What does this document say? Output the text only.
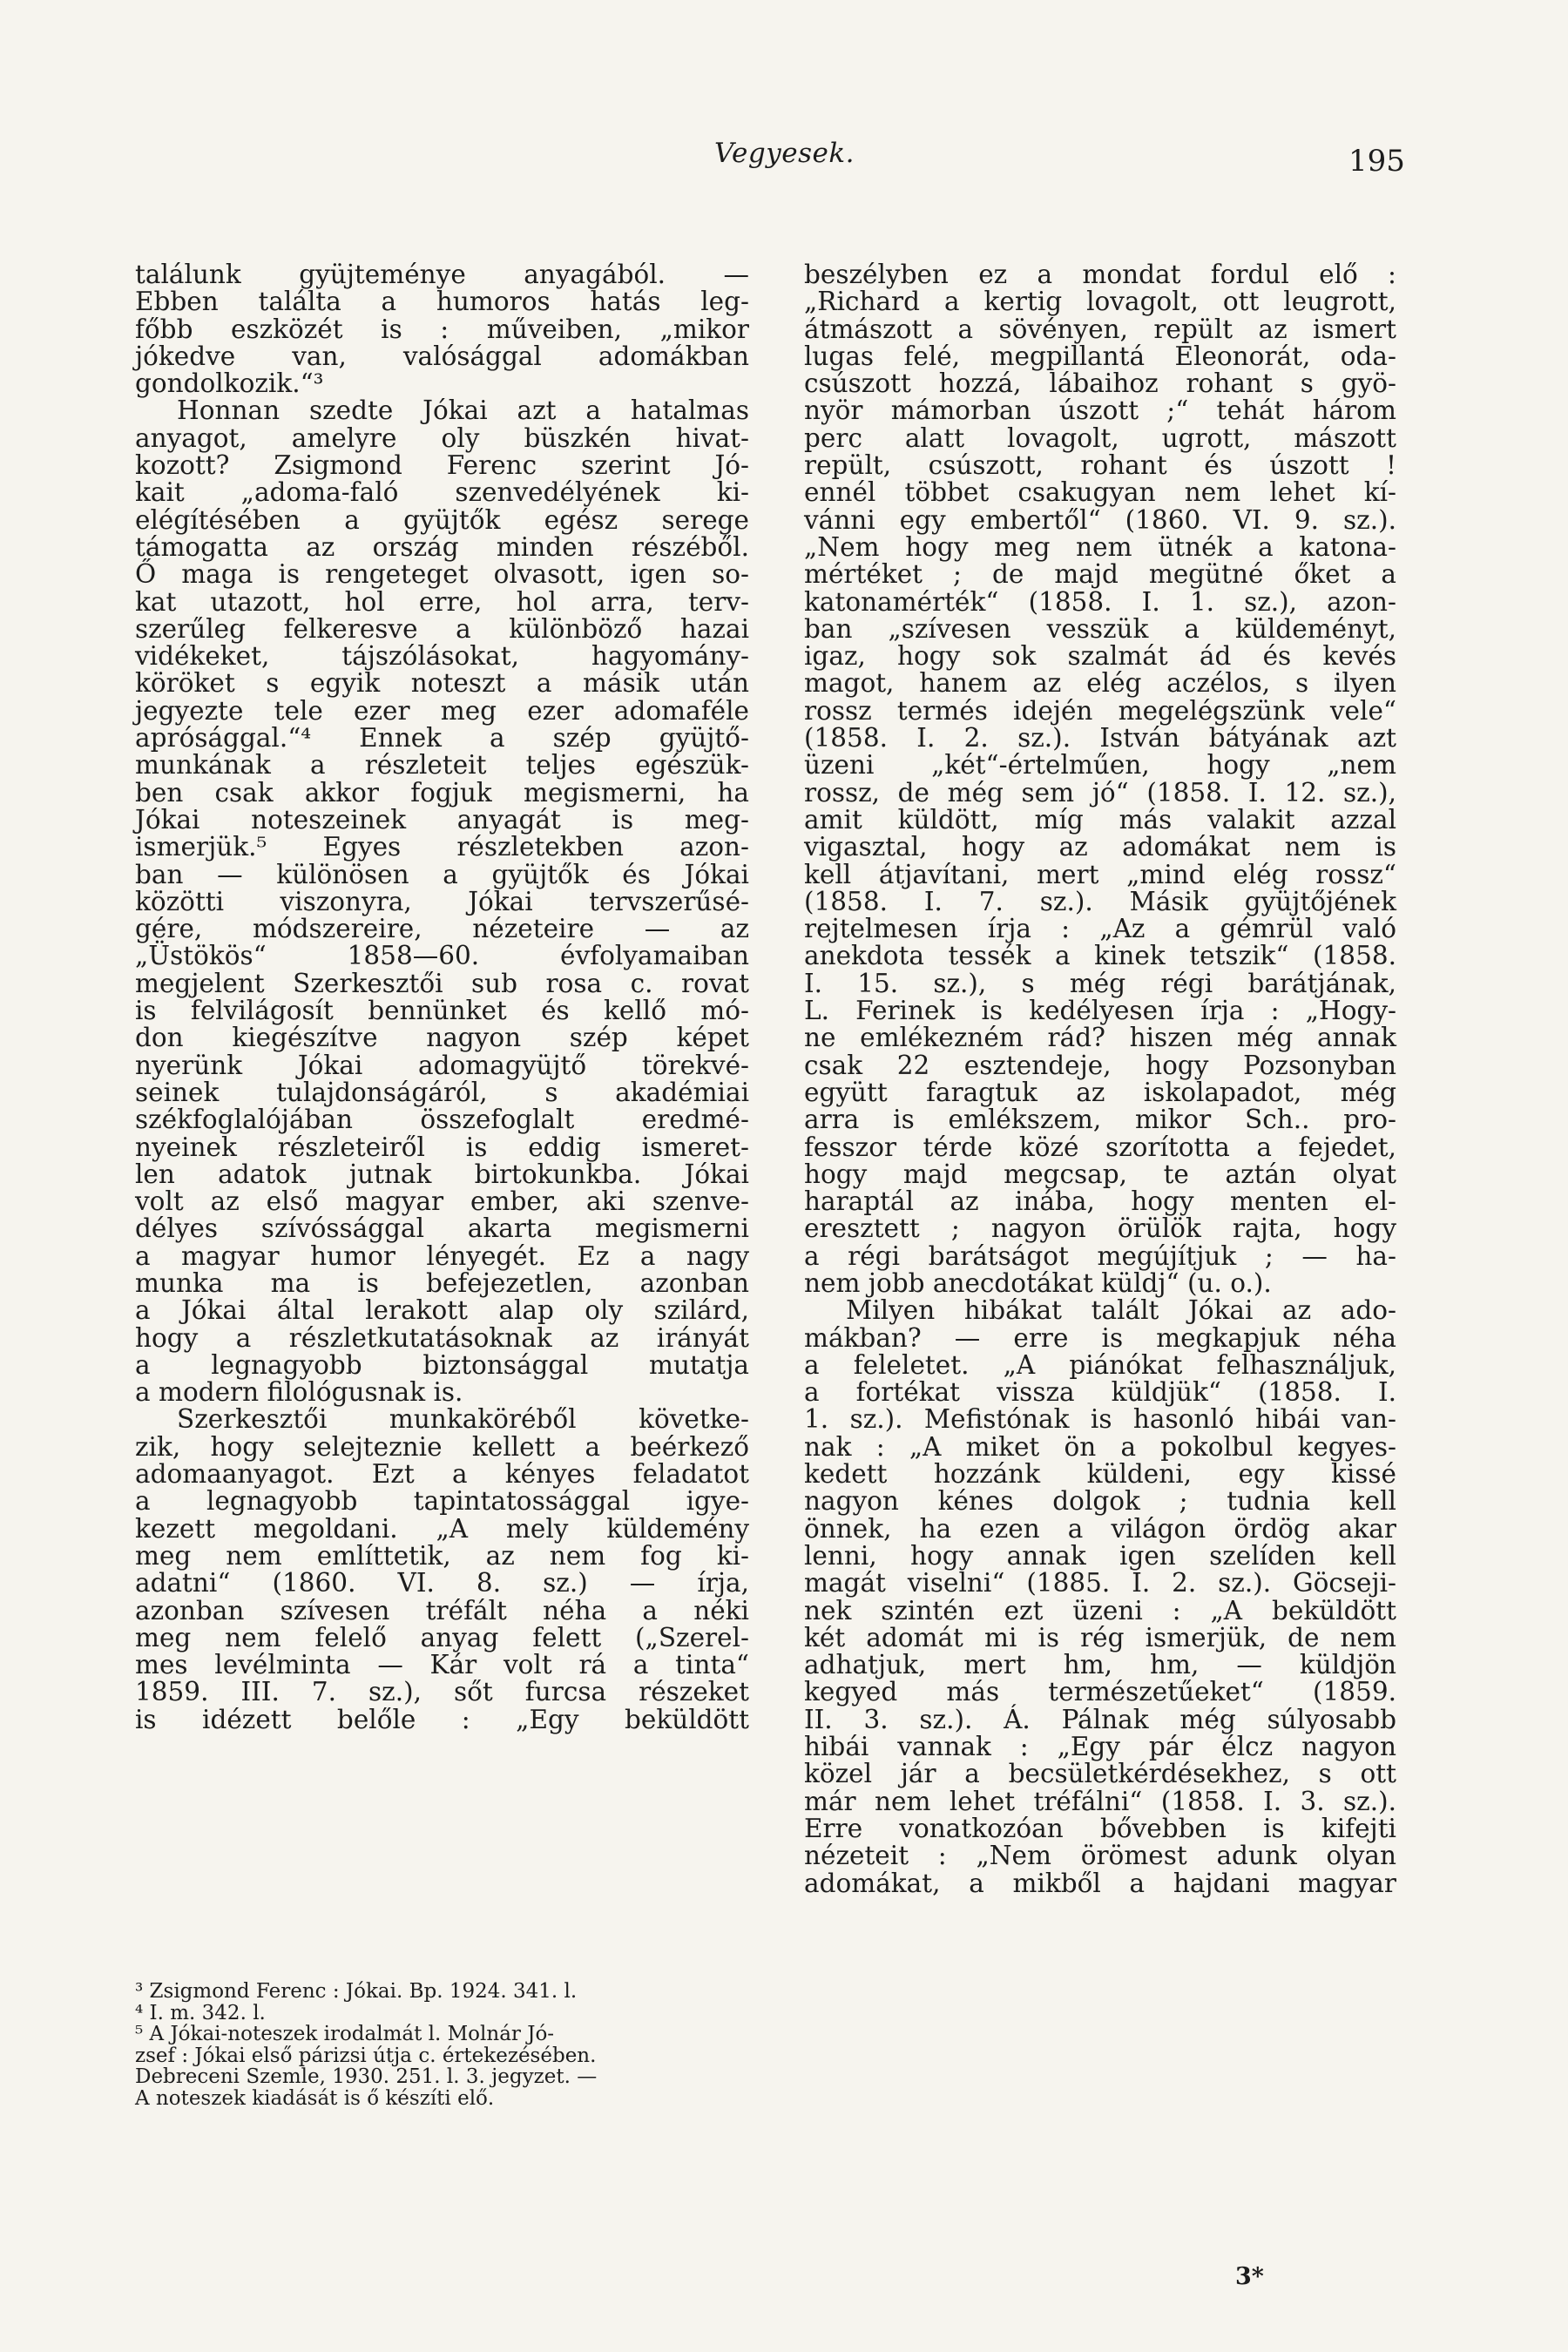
Vegyesek.	195
találunk gyüjteménye anyagából. —
Ebben találta a humoros hatás leg-
főbb eszközét is : műveiben, „mikor
jókedve van, valósággal adomákban
gondolkozik.“³
Honnan szedte Jókai azt a hatalmas
anyagot, amelyre oly büszkén hivat-
kozott? Zsigmond Ferenc szerint Jó-
kait „adoma-faló szenvedélyének ki-
elégítésében a gyüjtők egész serege
támogatta az ország minden részéből.
Ő maga is rengeteget olvasott, igen so-
kat utazott, hol erre, hol arra, terv-
szerűleg felkeresve a különböző hazai
vidékeket, tájszólásokat, hagyomány-
köröket s egyik noteszt a másik után
jegyezte tele ezer meg ezer adomaféle
aprósággal.“⁴ Ennek a szép gyüjtő-
munkának a részleteit teljes egészük-
ben csak akkor fogjuk megismerni, ha
Jókai noteszeinek anyagát is meg-
ismerjük.⁵ Egyes részletekben azon-
ban — különösen a gyüjtők és Jókai
közötti viszonyra, Jókai tervszerűsé-
gére, módszereire, nézeteire — az
„Üstökös“ 1858—60. évfolyamaiban
megjelent Szerkesztői sub rosa c. rovat
is felvilágosít bennünket és kellő mó-
don kiegészítve nagyon szép képet
nyerünk Jókai adomagyüjtő törekvé-
seinek tulajdonságáról, s akadémiai
székfoglalójában összefoglalt eredmé-
nyeinek részleteiről is eddig ismeret-
len adatok jutnak birtokunkba. Jókai
volt az első magyar ember, aki szenve-
délyes szívóssággal akarta megismerni
a magyar humor lényegét. Ez a nagy
munka ma is befejezetlen, azonban
a Jókai által lerakott alap oly szilárd,
hogy a részletkutatásoknak az irányát
a legnagyobb biztonsággal mutatja
a modern filológusnak is.
Szerkesztői munkaköréből követke-
zik, hogy selejteznie kellett a beérkező
adomaanyagot. Ezt a kényes feladatot
a legnagyobb tapintatossággal igye-
kezett megoldani. „A mely küldemény
meg nem említtetik, az nem fog ki-
adatni“ (1860. VI. 8. sz.) — írja,
azonban szívesen tréfált néha a néki
meg nem felelő anyag felett („Szerel-
mes levélminta — Kár volt rá a tinta“
1859. III. 7. sz.), sőt furcsa részeket
is idézett belőle : „Egy beküldött
³ Zsigmond Ferenc : Jókai. Bp. 1924. 341. l.
⁴ I. m. 342. l.
⁵ A Jókai-noteszek irodalmát l. Molnár Jó-
zsef : Jókai első párizsi útja c. értekezésében.
Debreceni Szemle, 1930. 251. l. 3. jegyzet. —
A noteszek kiadását is ő készíti elő.
beszélyben ez a mondat fordul elő :
„Richard a kertig lovagolt, ott leugrott,
átmászott a sövényen, repült az ismert
lugas felé, megpillantá Eleonorát, oda-
csúszott hozzá, lábaihoz rohant s gyö-
nyör mámorban úszott ;“ tehát három
perc alatt lovagolt, ugrott, mászott
repült, csúszott, rohant és úszott !
ennél többet csakugyan nem lehet kí-
vánni egy embertől“ (1860. VI. 9. sz.).
„Nem hogy meg nem ütnék a katona-
mértéket ; de majd megütné őket a
katonamérték“ (1858. I. 1. sz.), azon-
ban „szívesen vesszük a küldeményt,
igaz, hogy sok szalmát ád és kevés
magot, hanem az elég aczélos, s ilyen
rossz termés idején megelégszünk vele“
(1858. I. 2. sz.). István bátyának azt
üzeni „két“-értelműen, hogy „nem
rossz, de még sem jó“ (1858. I. 12. sz.),
amit küldött, míg más valakit azzal
vigasztal, hogy az adomákat nem is
kell átjavítani, mert „mind elég rossz“
(1858. I. 7. sz.). Másik gyüjtőjének
rejtelmesen írja : „Az a gémrül való
anekdota tessék a kinek tetszik“ (1858.
I. 15. sz.), s még régi barátjának,
L. Ferinek is kedélyesen írja : „Hogy-
ne emlékezném rád? hiszen még annak
csak 22 esztendeje, hogy Pozsonyban
együtt faragtuk az iskolapadot, még
arra is emlékszem, mikor Sch.. pro-
fesszor térde közé szorította a fejedet,
hogy majd megcsap, te aztán olyat
haraptál az inába, hogy menten el-
eresztett ; nagyon örülök rajta, hogy
a régi barátságot megújítjuk ; — ha-
nem jobb anecdotákat küldj“ (u. o.).
Milyen hibákat talált Jókai az ado-
mákban? — erre is megkapjuk néha
a feleletet. „A piánókat felhasználjuk,
a fortékat vissza küldjük“ (1858. I.
1. sz.). Mefistónak is hasonló hibái van-
nak : „A miket ön a pokolbul kegyes-
kedett hozzánk küldeni, egy kissé
nagyon kénes dolgok ; tudnia kell
önnek, ha ezen a világon ördög akar
lenni, hogy annak igen szelíden kell
magát viselni“ (1885. I. 2. sz.). Göcseji-
nek szintén ezt üzeni : „A beküldött
két adomát mi is rég ismerjük, de nem
adhatjuk, mert hm, hm, — küldjön
kegyed más természetűeket“ (1859.
II. 3. sz.). Á. Pálnak még súlyosabb
hibái vannak : „Egy pár élcz nagyon
közel jár a becsületkérdésekhez, s ott
már nem lehet tréfálni“ (1858. I. 3. sz.).
Erre vonatkozóan bővebben is kifejti
nézeteit : „Nem örömest adunk olyan
adomákat, a mikből a hajdani magyar
3*
